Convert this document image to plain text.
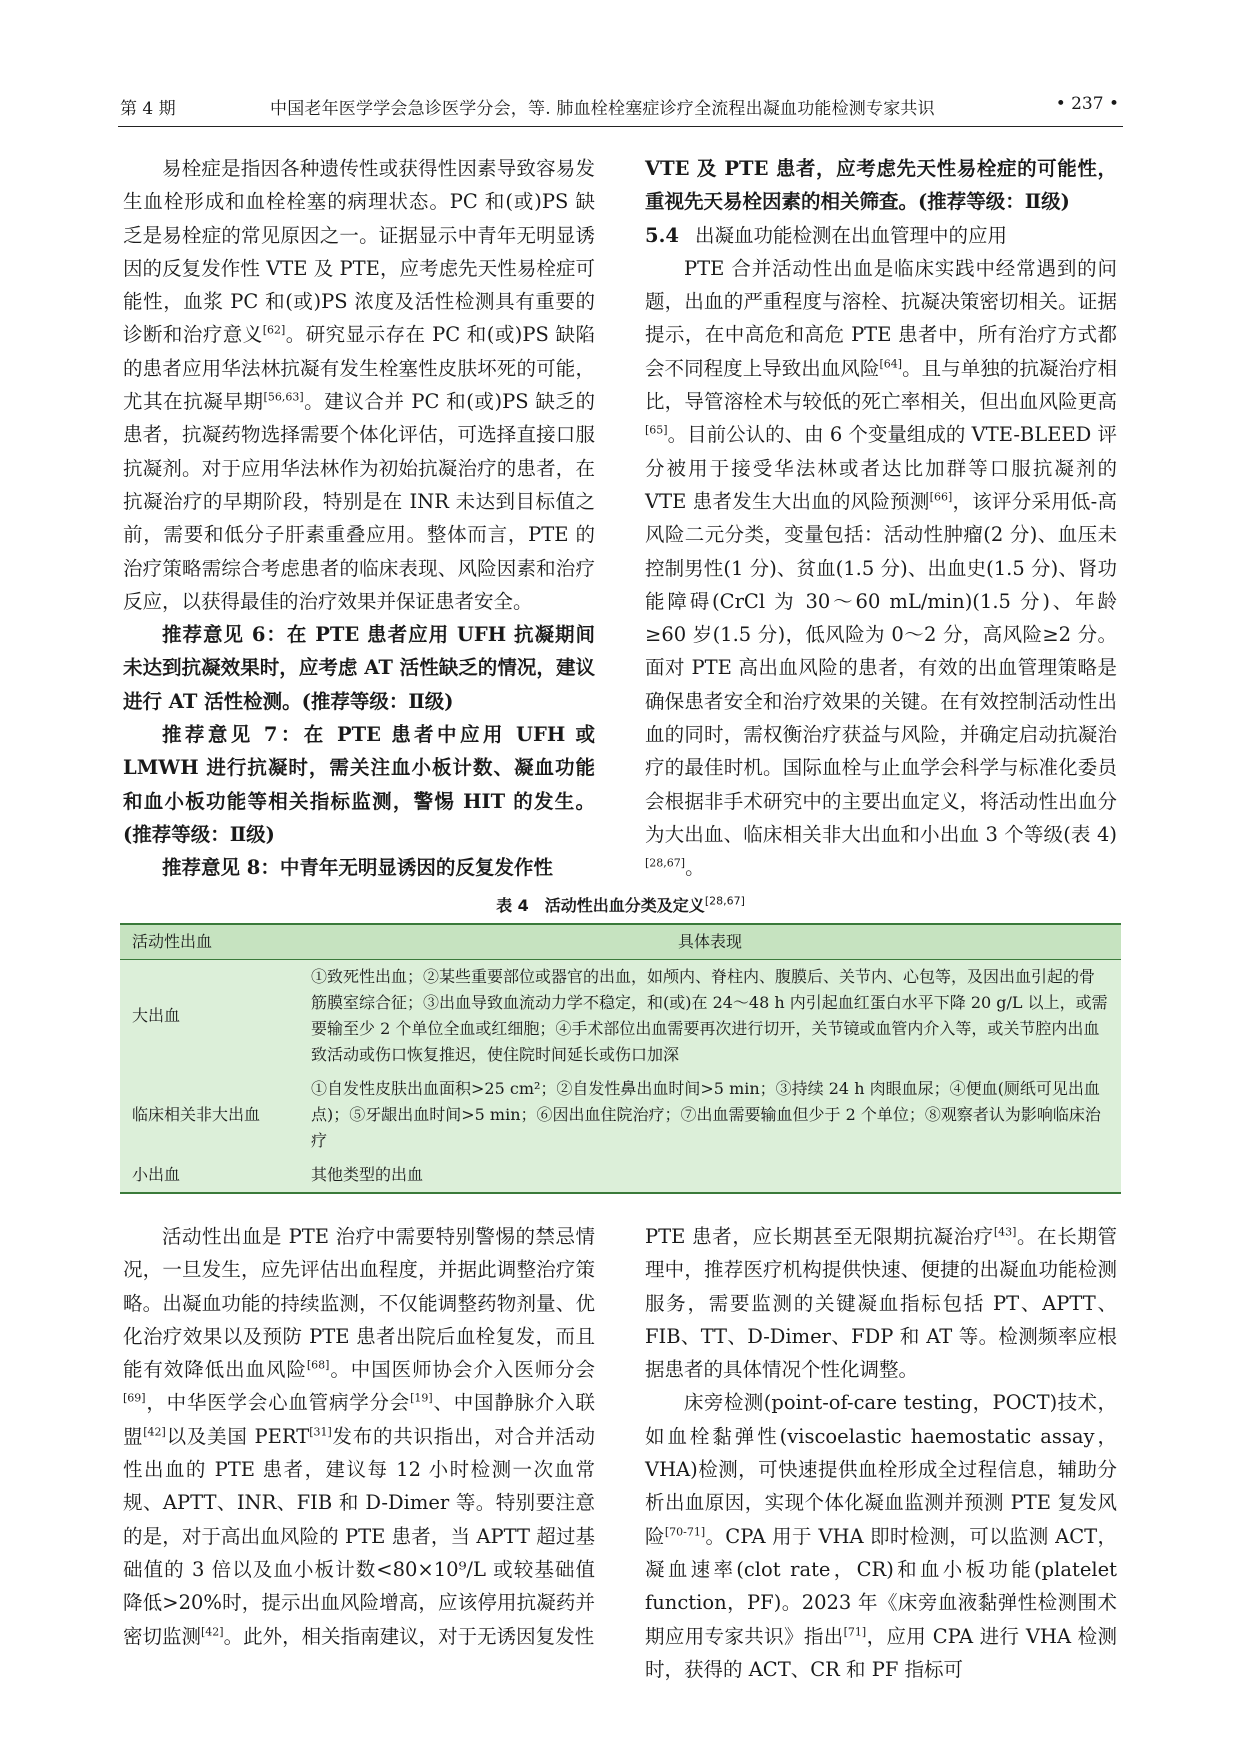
第 4 期	中国老年医学学会急诊医学分会，等. 肺血栓栓塞症诊疗全流程出凝血功能检测专家共识	• 237 •

易栓症是指因各种遗传性或获得性因素导致容易发生血栓形成和血栓栓塞的病理状态。PC 和(或)PS 缺乏是易栓症的常见原因之一。证据显示中青年无明显诱因的反复发作性 VTE 及 PTE，应考虑先天性易栓症可能性，血浆 PC 和(或)PS 浓度及活性检测具有重要的诊断和治疗意义[62]。研究显示存在 PC 和(或)PS 缺陷的患者应用华法林抗凝有发生栓塞性皮肤坏死的可能，尤其在抗凝早期[56,63]。建议合并 PC 和(或)PS 缺乏的患者，抗凝药物选择需要个体化评估，可选择直接口服抗凝剂。对于应用华法林作为初始抗凝治疗的患者，在抗凝治疗的早期阶段，特别是在 INR 未达到目标值之前，需要和低分子肝素重叠应用。整体而言，PTE 的治疗策略需综合考虑患者的临床表现、风险因素和治疗反应，以获得最佳的治疗效果并保证患者安全。

推荐意见 6：在 PTE 患者应用 UFH 抗凝期间未达到抗凝效果时，应考虑 AT 活性缺乏的情况，建议进行 AT 活性检测。(推荐等级：Ⅱ级)

推荐意见 7：在 PTE 患者中应用 UFH 或 LMWH 进行抗凝时，需关注血小板计数、凝血功能和血小板功能等相关指标监测，警惕 HIT 的发生。(推荐等级：Ⅱ级)

推荐意见 8：中青年无明显诱因的反复发作性

VTE 及 PTE 患者，应考虑先天性易栓症的可能性，重视先天易栓因素的相关筛查。(推荐等级：Ⅱ级)

5.4 出凝血功能检测在出血管理中的应用

PTE 合并活动性出血是临床实践中经常遇到的问题，出血的严重程度与溶栓、抗凝决策密切相关。证据提示，在中高危和高危 PTE 患者中，所有治疗方式都会不同程度上导致出血风险[64]。且与单独的抗凝治疗相比，导管溶栓术与较低的死亡率相关，但出血风险更高[65]。目前公认的、由 6 个变量组成的 VTE-BLEED 评分被用于接受华法林或者达比加群等口服抗凝剂的 VTE 患者发生大出血的风险预测[66]，该评分采用低-高风险二元分类，变量包括：活动性肿瘤(2 分)、血压未控制男性(1 分)、贫血(1.5 分)、出血史(1.5 分)、肾功能障碍(CrCl 为 30～60 mL/min)(1.5 分)、年龄≥60 岁(1.5 分)，低风险为 0～2 分，高风险≥2 分。面对 PTE 高出血风险的患者，有效的出血管理策略是确保患者安全和治疗效果的关键。在有效控制活动性出血的同时，需权衡治疗获益与风险，并确定启动抗凝治疗的最佳时机。国际血栓与止血学会科学与标准化委员会根据非手术研究中的主要出血定义，将活动性出血分为大出血、临床相关非大出血和小出血 3 个等级(表 4)[28,67]。

表 4　活动性出血分类及定义[28,67]
活动性出血	具体表现
大出血	①致死性出血；②某些重要部位或器官的出血，如颅内、脊柱内、腹膜后、关节内、心包等，及因出血引起的骨筋膜室综合征；③出血导致血流动力学不稳定，和(或)在 24～48 h 内引起血红蛋白水平下降 20 g/L 以上，或需要输至少 2 个单位全血或红细胞；④手术部位出血需要再次进行切开，关节镜或血管内介入等，或关节腔内出血致活动或伤口恢复推迟，使住院时间延长或伤口加深
临床相关非大出血	①自发性皮肤出血面积>25 cm²；②自发性鼻出血时间>5 min；③持续 24 h 肉眼血尿；④便血(厕纸可见出血点)；⑤牙龈出血时间>5 min；⑥因出血住院治疗；⑦出血需要输血但少于 2 个单位；⑧观察者认为影响临床治疗
小出血	其他类型的出血

活动性出血是 PTE 治疗中需要特别警惕的禁忌情况，一旦发生，应先评估出血程度，并据此调整治疗策略。出凝血功能的持续监测，不仅能调整药物剂量、优化治疗效果以及预防 PTE 患者出院后血栓复发，而且能有效降低出血风险[68]。中国医师协会介入医师分会[69]，中华医学会心血管病学分会[19]、中国静脉介入联盟[42]以及美国 PERT[31]发布的共识指出，对合并活动性出血的 PTE 患者，建议每 12 小时检测一次血常规、APTT、INR、FIB 和 D-Dimer 等。特别要注意的是，对于高出血风险的 PTE 患者，当 APTT 超过基础值的 3 倍以及血小板计数<80×10⁹/L 或较基础值降低>20%时，提示出血风险增高，应该停用抗凝药并密切监测[42]。此外，相关指南建议，对于无诱因复发性

PTE 患者，应长期甚至无限期抗凝治疗[43]。在长期管理中，推荐医疗机构提供快速、便捷的出凝血功能检测服务，需要监测的关键凝血指标包括 PT、APTT、FIB、TT、D-Dimer、FDP 和 AT 等。检测频率应根据患者的具体情况个性化调整。

床旁检测(point-of-care testing，POCT)技术，如血栓黏弹性(viscoelastic haemostatic assay，VHA)检测，可快速提供血栓形成全过程信息，辅助分析出血原因，实现个体化凝血监测并预测 PTE 复发风险[70-71]。CPA 用于 VHA 即时检测，可以监测 ACT，凝血速率(clot rate，CR)和血小板功能(platelet function，PF)。2023 年《床旁血液黏弹性检测围术期应用专家共识》指出[71]，应用 CPA 进行 VHA 检测时，获得的 ACT、CR 和 PF 指标可
